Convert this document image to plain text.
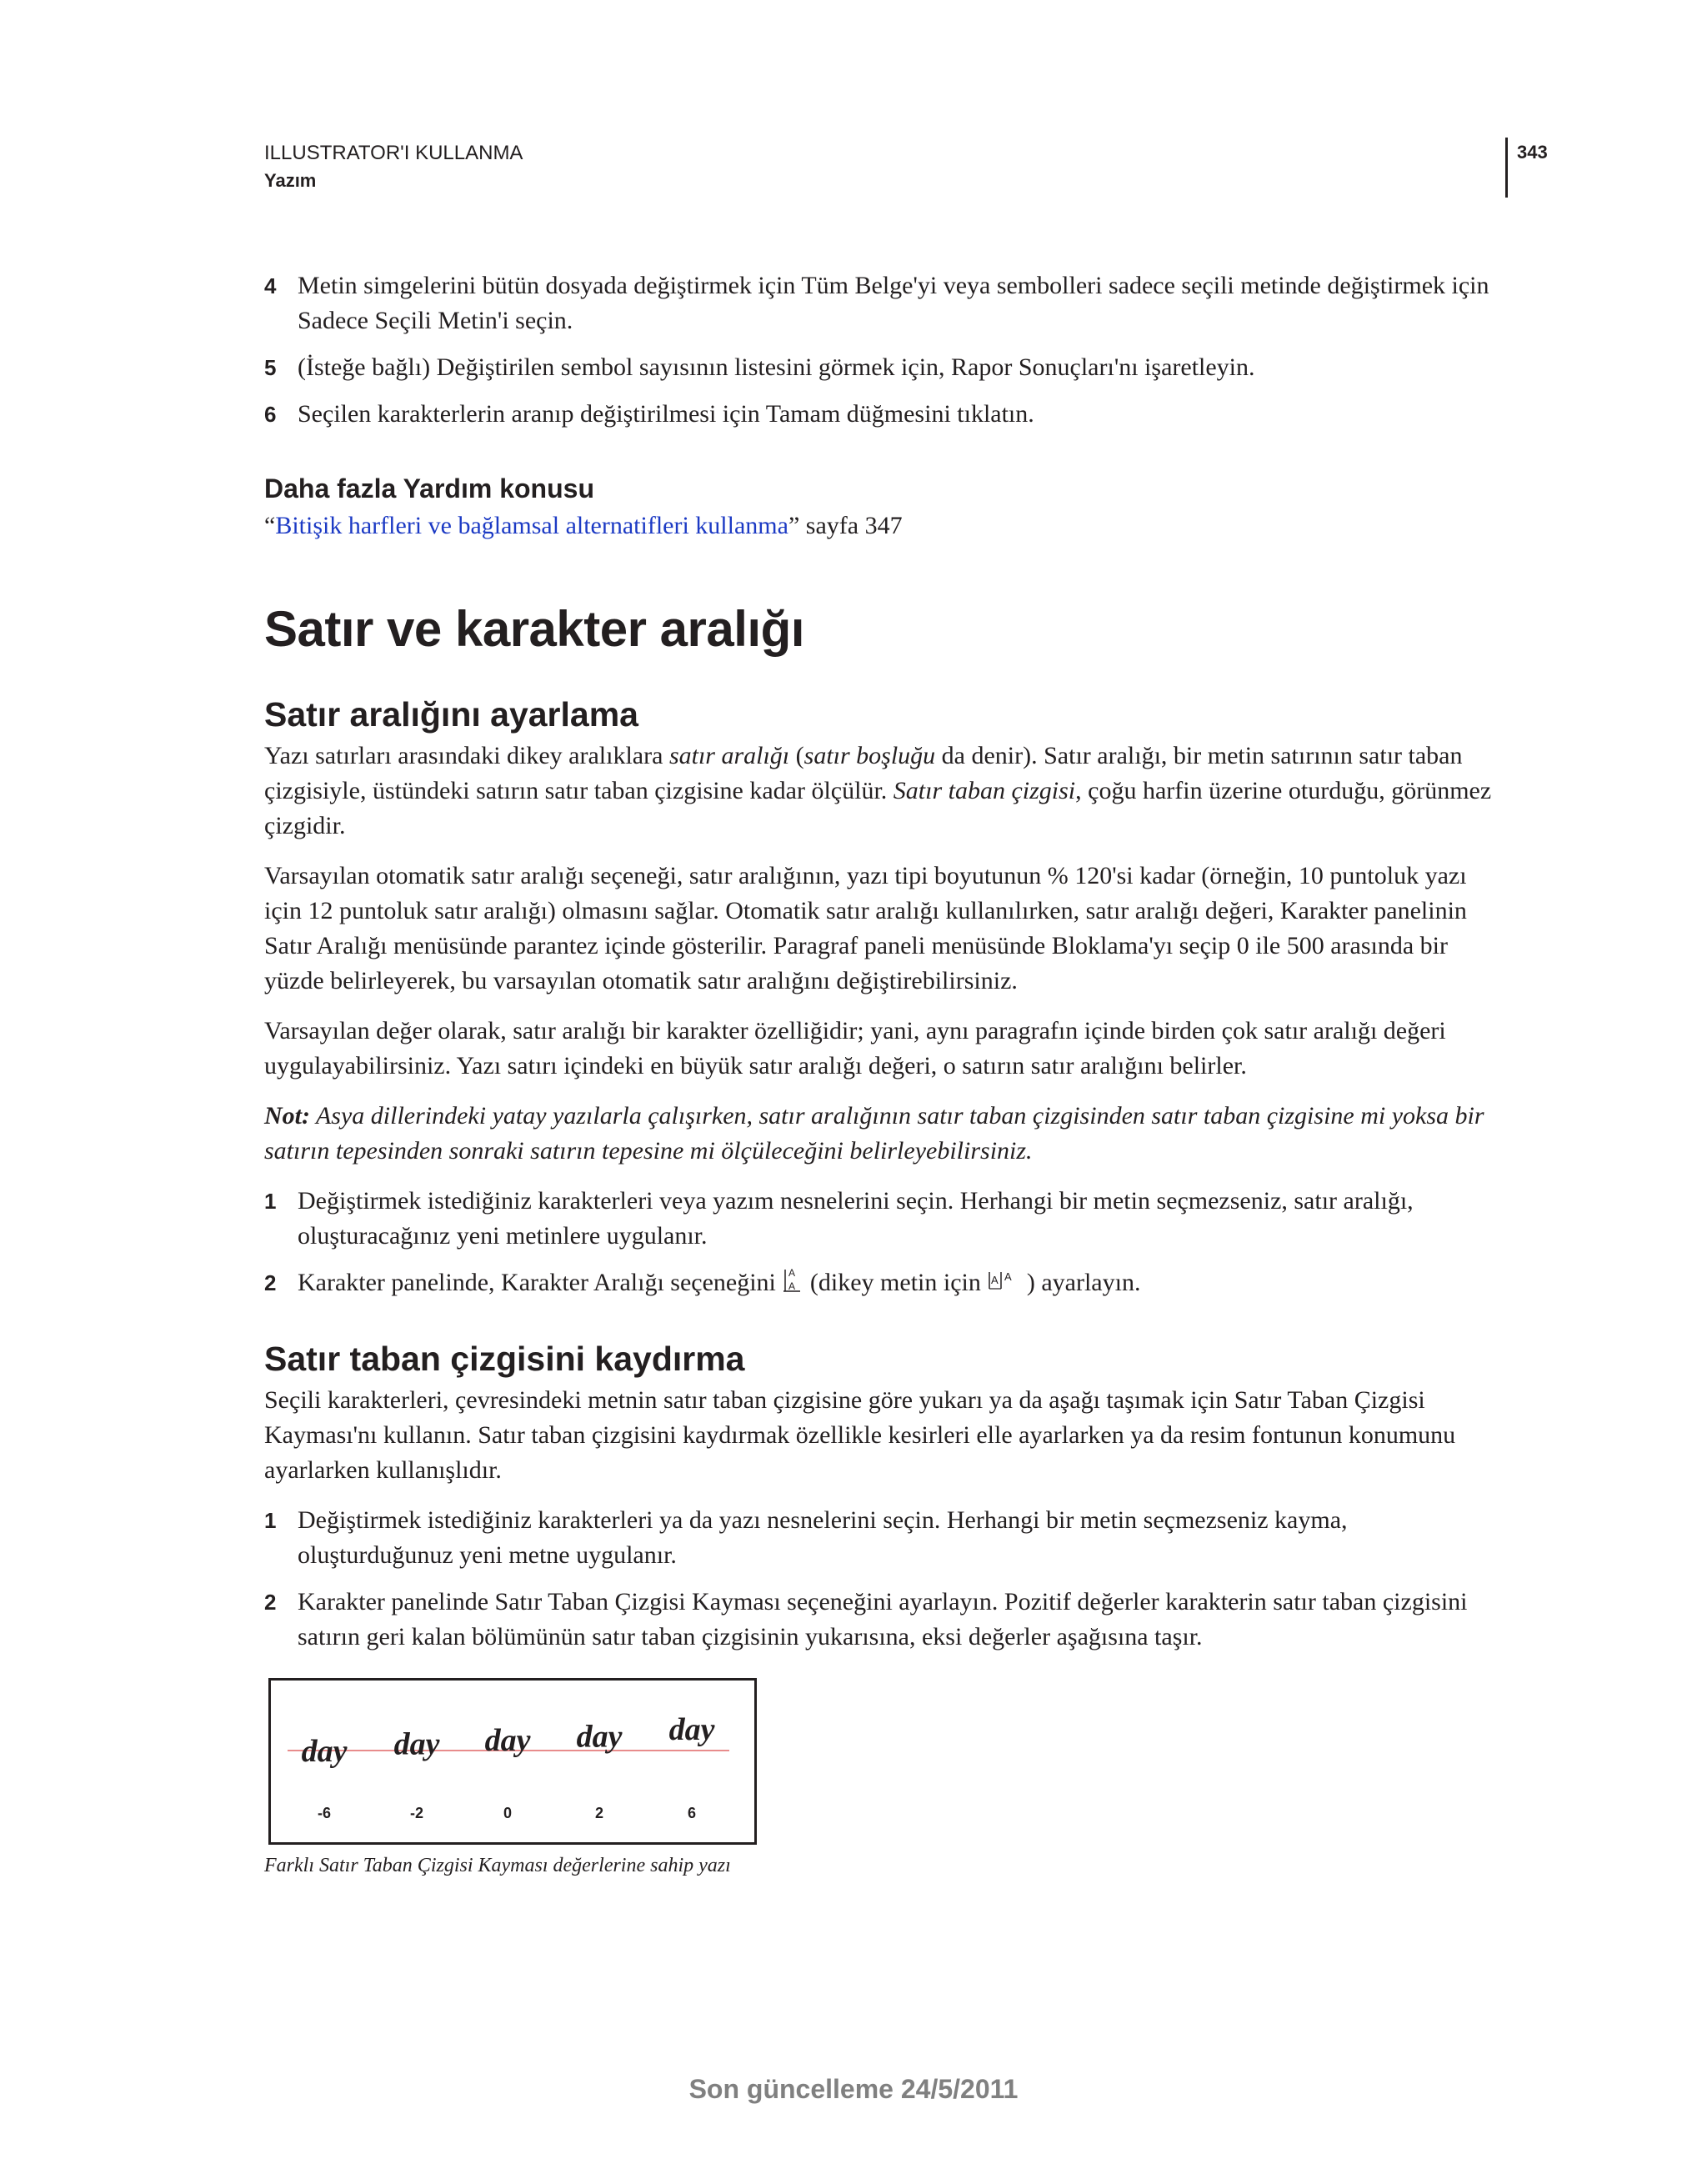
ILLUSTRATOR'I KULLANMA
Yazım
343
4 Metin simgelerini bütün dosyada değiştirmek için Tüm Belge'yi veya sembolleri sadece seçili metinde değiştirmek için Sadece Seçili Metin'i seçin.
5 (İsteğe bağlı) Değiştirilen sembol sayısının listesini görmek için, Rapor Sonuçları'nı işaretleyin.
6 Seçilen karakterlerin aranıp değiştirilmesi için Tamam düğmesini tıklatın.
Daha fazla Yardım konusu
“Bitişik harfleri ve bağlamsal alternatifleri kullanma” sayfa 347
Satır ve karakter aralığı
Satır aralığını ayarlama
Yazı satırları arasındaki dikey aralıklara satır aralığı (satır boşluğu da denir). Satır aralığı, bir metin satırının satır taban çizgisiyle, üstündeki satırın satır taban çizgisine kadar ölçülür. Satır taban çizgisi, çoğu harfin üzerine oturduğu, görünmez çizgidir.
Varsayılan otomatik satır aralığı seçeneği, satır aralığının, yazı tipi boyutunun % 120'si kadar (örneğin, 10 puntoluk yazı için 12 puntoluk satır aralığı) olmasını sağlar. Otomatik satır aralığı kullanılırken, satır aralığı değeri, Karakter panelinin Satır Aralığı menüsünde parantez içinde gösterilir. Paragraf paneli menüsünde Bloklama'yı seçip 0 ile 500 arasında bir yüzde belirleyerek, bu varsayılan otomatik satır aralığını değiştirebilirsiniz.
Varsayılan değer olarak, satır aralığı bir karakter özelliğidir; yani, aynı paragrafın içinde birden çok satır aralığı değeri uygulayabilirsiniz. Yazı satırı içindeki en büyük satır aralığı değeri, o satırın satır aralığını belirler.
Not: Asya dillerindeki yatay yazılarla çalışırken, satır aralığının satır taban çizgisinden satır taban çizgisine mi yoksa bir satırın tepesinden sonraki satırın tepesine mi ölçüleceğini belirleyebilirsiniz.
1 Değiştirmek istediğiniz karakterleri veya yazım nesnelerini seçin. Herhangi bir metin seçmezseniz, satır aralığı, oluşturacağınız yeni metinlere uygulanır.
2 Karakter panelinde, Karakter Aralığı seçeneğini A
A (dikey metin için A A ) ayarlayın.
Satır taban çizgisini kaydırma
Seçili karakterleri, çevresindeki metnin satır taban çizgisine göre yukarı ya da aşağı taşımak için Satır Taban Çizgisi Kayması'nı kullanın. Satır taban çizgisini kaydırmak özellikle kesirleri elle ayarlarken ya da resim fontunun konumunu ayarlarken kullanışlıdır.
1 Değiştirmek istediğiniz karakterleri ya da yazı nesnelerini seçin. Herhangi bir metin seçmezseniz kayma, oluşturduğunuz yeni metne uygulanır.
2 Karakter panelinde Satır Taban Çizgisi Kayması seçeneğini ayarlayın. Pozitif değerler karakterin satır taban çizgisini satırın geri kalan bölümünün satır taban çizgisinin yukarısına, eksi değerler aşağısına taşır.
day
-6
day
-2
day
0
day
2
day
6
Farklı Satır Taban Çizgisi Kayması değerlerine sahip yazı
Son güncelleme 24/5/2011
